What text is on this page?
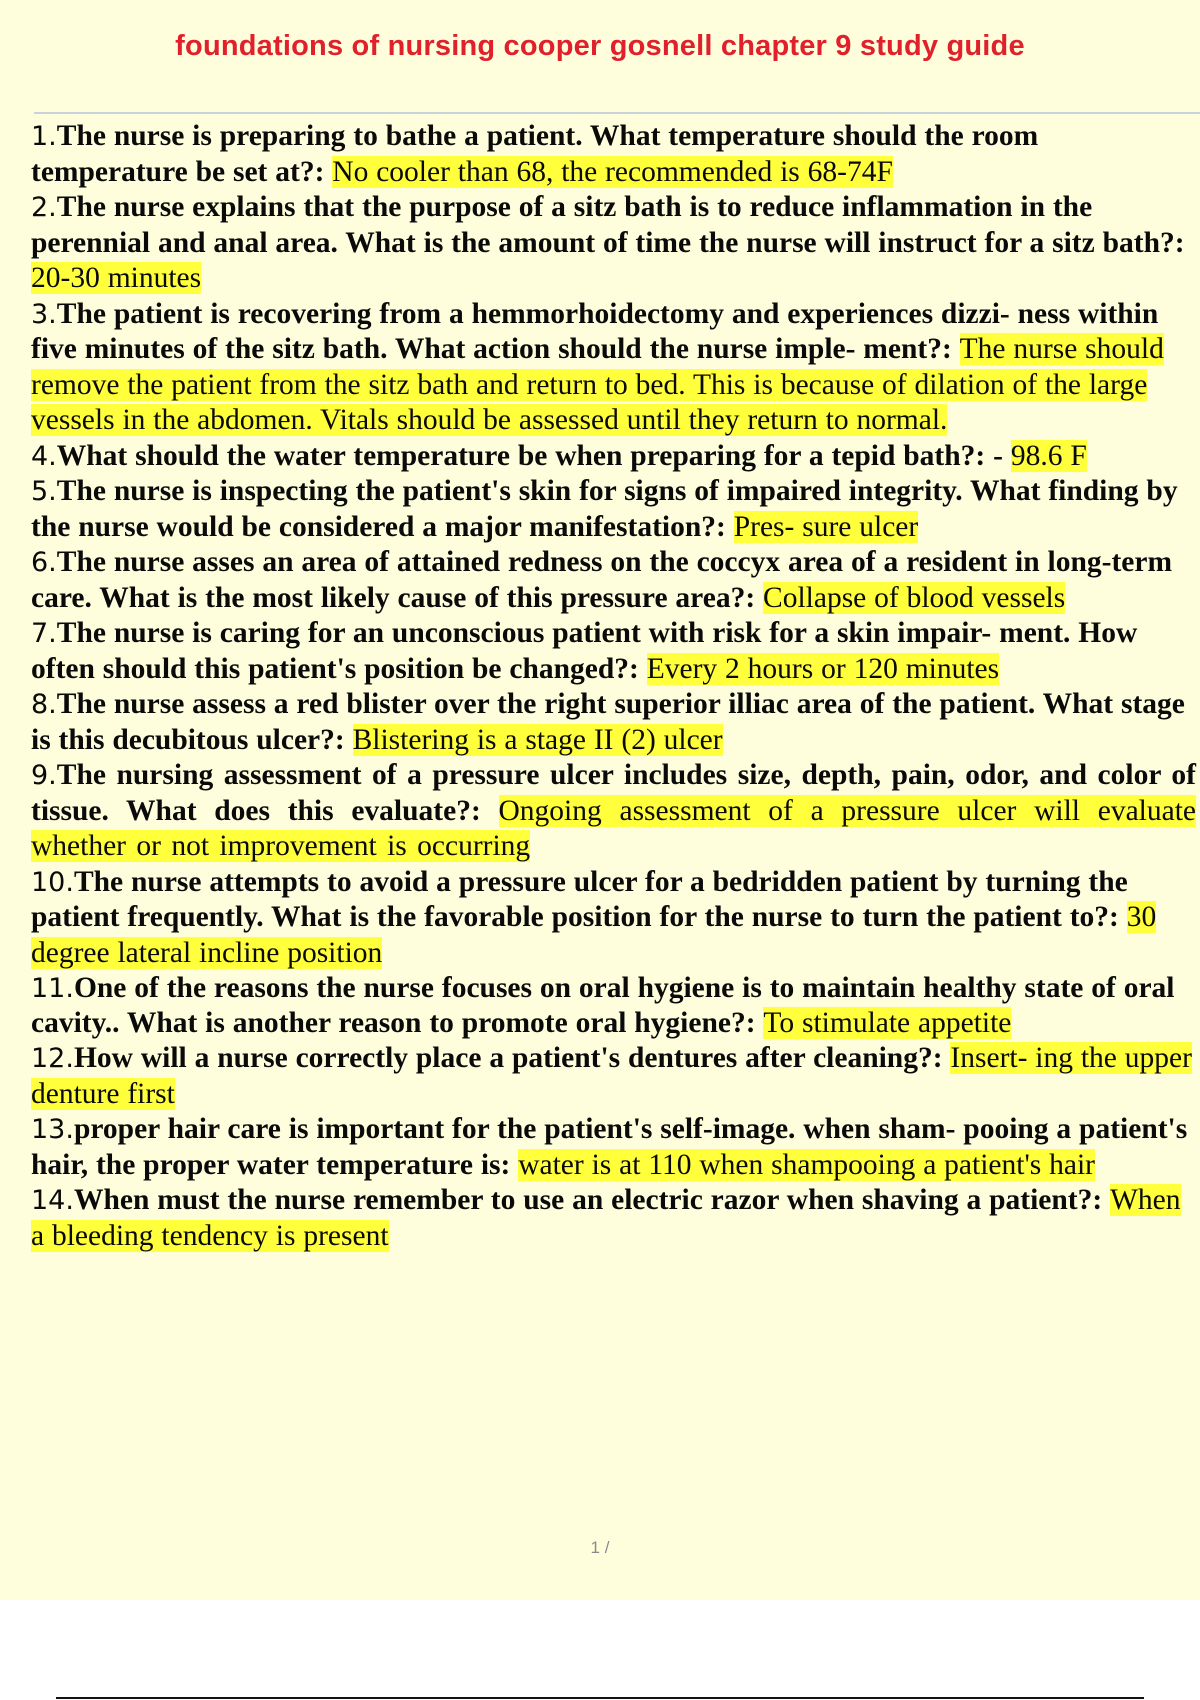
foundations of nursing cooper gosnell chapter 9 study guide
1.The nurse is preparing to bathe a patient. What temperature should the room temperature be set at?: No cooler than 68, the recommended is 68-74F
2.The nurse explains that the purpose of a sitz bath is to reduce inflammation in the perennial and anal area. What is the amount of time the nurse will instruct for a sitz bath?: 20-30 minutes
3.The patient is recovering from a hemmorhoidectomy and experiences dizzi- ness within five minutes of the sitz bath. What action should the nurse imple- ment?: The nurse should remove the patient from the sitz bath and return to bed. This is because of dilation of the large vessels in the abdomen. Vitals should be assessed until they return to normal.
4.What should the water temperature be when preparing for a tepid bath?: - 98.6 F
5.The nurse is inspecting the patient's skin for signs of impaired integrity. What finding by the nurse would be considered a major manifestation?: Pres- sure ulcer
6.The nurse asses an area of attained redness on the coccyx area of a resident in long-term care. What is the most likely cause of this pressure area?: Collapse of blood vessels
7.The nurse is caring for an unconscious patient with risk for a skin impair- ment. How often should this patient's position be changed?: Every 2 hours or 120 minutes
8.The nurse assess a red blister over the right superior illiac area of the patient. What stage is this decubitous ulcer?: Blistering is a stage II (2) ulcer
9.The nursing assessment of a pressure ulcer includes size, depth, pain, odor, and color of tissue. What does this evaluate?: Ongoing assessment of a pressure ulcer will evaluate whether or not improvement is occurring
10.The nurse attempts to avoid a pressure ulcer for a bedridden patient by turning the patient frequently. What is the favorable position for the nurse to turn the patient to?: 30 degree lateral incline position
11.One of the reasons the nurse focuses on oral hygiene is to maintain healthy state of oral cavity.. What is another reason to promote oral hygiene?: To stimulate appetite
12.How will a nurse correctly place a patient's dentures after cleaning?: Insert- ing the upper denture first
13.proper hair care is important for the patient's self-image. when sham- pooing a patient's hair, the proper water temperature is: water is at 110 when shampooing a patient's hair
14.When must the nurse remember to use an electric razor when shaving a patient?: When a bleeding tendency is present
1 /
